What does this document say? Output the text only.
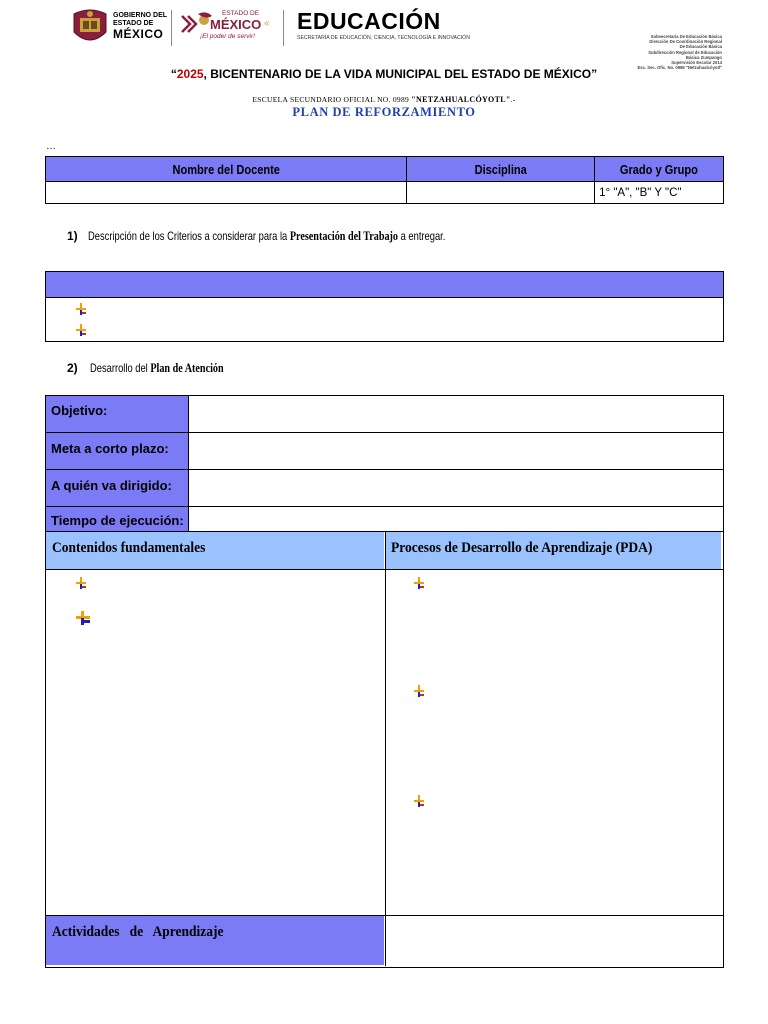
GOBIERNO DEL
ESTADO DE
MÉXICO
ESTADO DE
MÉXICO «
¡El poder de servir!
EDUCACIÓN
SECRETARÍA DE EDUCACIÓN, CIENCIA, TECNOLOGÍA E INNOVACIÓN	Subsecretaría De Educación Básica
Dirección De Coordinación Regional
De Educación Básica
Subdirección Regional de Educación
Básica Zumpango
Supervisión Escolar 2014
Esc. Sec. Ofic. No. 0989 "Netzahualcóyotl"
“2025, BICENTENARIO DE LA VIDA MUNICIPAL DEL ESTADO DE MÉXICO”
ESCUELA SECUNDARIO OFICIAL NO. 0989 "NETZAHUALCÓYOTL".-
PLAN DE REFORZAMIENTO
…
Nombre del Docente	Disciplina	Grado y Grupo
		1° "A", "B" Y "C"
1) Descripción de los Criterios a considerar para la Presentación del Trabajo a entregar.
2) Desarrollo del Plan de Atención
Objetivo:
Meta a corto plazo:
A quién va dirigido:
Tiempo de ejecución:
Contenidos fundamentales	Procesos de Desarrollo de Aprendizaje (PDA)
Actividades   de   Aprendizaje
